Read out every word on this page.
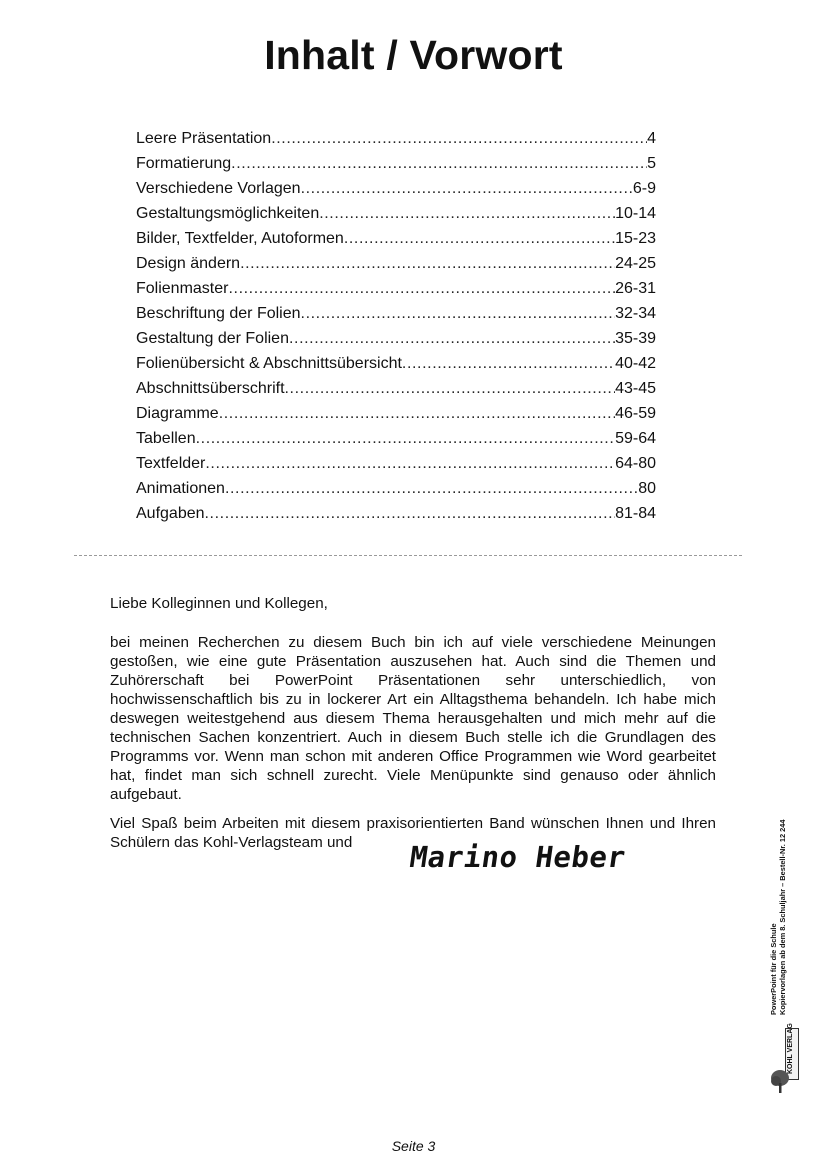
Inhalt / Vorwort
Leere Präsentation .....	4
Formatierung .....	5
Verschiedene Vorlagen .....	6-9
Gestaltungsmöglichkeiten .....	10-14
Bilder, Textfelder, Autoformen .....	15-23
Design ändern .....	24-25
Folienmaster .....	26-31
Beschriftung der Folien .....	32-34
Gestaltung der Folien .....	35-39
Folienübersicht & Abschnittsübersicht .....	40-42
Abschnittsüberschrift .....	43-45
Diagramme .....	46-59
Tabellen .....	59-64
Textfelder .....	64-80
Animationen .....	80
Aufgaben .....	81-84

Liebe Kolleginnen und Kollegen,

bei meinen Recherchen zu diesem Buch bin ich auf viele verschiedene Meinungen gestoßen, wie eine gute Präsentation auszusehen hat. Auch sind die Themen und Zuhörerschaft bei PowerPoint Präsentationen sehr unterschiedlich, von hochwissenschaftlich bis zu in lockerer Art ein Alltagsthema behandeln. Ich habe mich deswegen weitestgehend aus diesem Thema herausgehalten und mich mehr auf die technischen Sachen konzentriert. Auch in diesem Buch stelle ich die Grundlagen des Programms vor. Wenn man schon mit anderen Office Programmen wie Word gearbeitet hat, findet man sich schnell zurecht. Viele Menüpunkte sind genauso oder ähnlich aufgebaut.

Viel Spaß beim Arbeiten mit diesem praxisorientierten Band wünschen Ihnen und Ihren Schülern das Kohl-Verlagsteam und	Marino Heber
PowerPoint für die Schule Kopiervorlagen ab dem 8. Schuljahr – Bestell-Nr. 12 244
KOHL VERLAG
Seite 3
